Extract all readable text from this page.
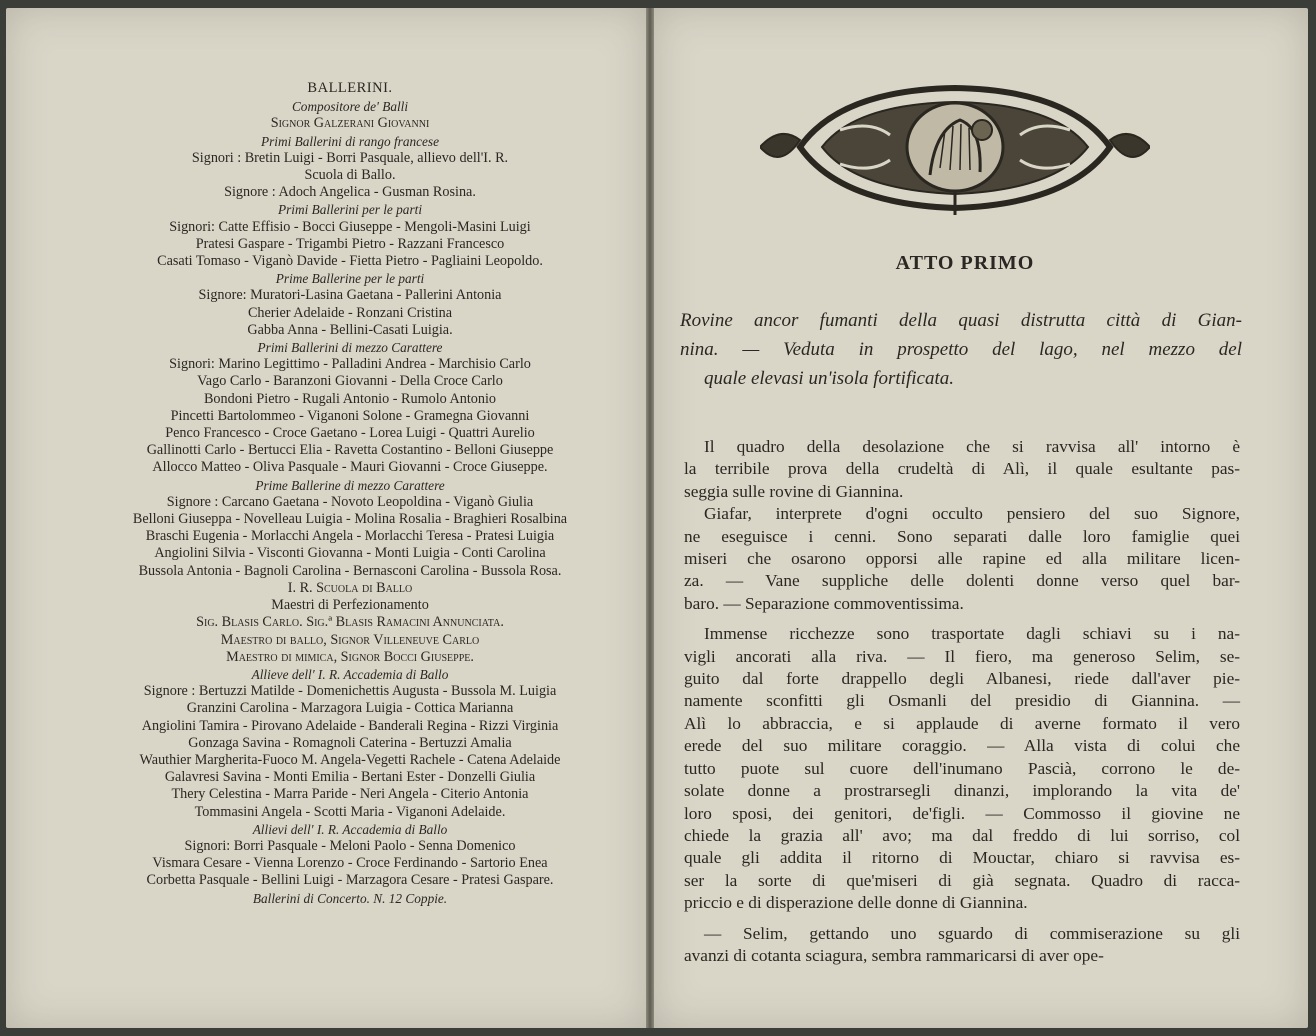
BALLERINI.
Compositore de' Balli
Signor Galzerani Giovanni
Primi Ballerini di rango francese
Signori : Bretin Luigi - Borri Pasquale, allievo dell'I. R.
Scuola di Ballo.
Signore : Adoch Angelica - Gusman Rosina.
Primi Ballerini per le parti
Signori: Catte Effisio - Bocci Giuseppe - Mengoli-Masini Luigi
Pratesi Gaspare - Trigambi Pietro - Razzani Francesco
Casati Tomaso - Viganò Davide - Fietta Pietro - Pagliaini Leopoldo.
Prime Ballerine per le parti
Signore: Muratori-Lasina Gaetana - Pallerini Antonia
Cherier Adelaide - Ronzani Cristina
Gabba Anna - Bellini-Casati Luigia.
Primi Ballerini di mezzo Carattere
Signori: Marino Legittimo - Palladini Andrea - Marchisio Carlo
Vago Carlo - Baranzoni Giovanni - Della Croce Carlo
Bondoni Pietro - Rugali Antonio - Rumolo Antonio
Pincetti Bartolommeo - Viganoni Solone - Gramegna Giovanni
Penco Francesco - Croce Gaetano - Lorea Luigi - Quattri Aurelio
Gallinotti Carlo - Bertucci Elia - Ravetta Costantino - Belloni Giuseppe
Allocco Matteo - Oliva Pasquale - Mauri Giovanni - Croce Giuseppe.
Prime Ballerine di mezzo Carattere
Signore : Carcano Gaetana - Novoto Leopoldina - Viganò Giulia
Belloni Giuseppa - Novelleau Luigia - Molina Rosalia - Braghieri Rosalbina
Braschi Eugenia - Morlacchi Angela - Morlacchi Teresa - Pratesi Luigia
Angiolini Silvia - Visconti Giovanna - Monti Luigia - Conti Carolina
Bussola Antonia - Bagnoli Carolina - Bernasconi Carolina - Bussola Rosa.
I. R. Scuola di Ballo
Maestri di Perfezionamento
Sig. Blasis Carlo. Sig.ª Blasis Ramacini Annunciata.
Maestro di ballo, Signor Villeneuve Carlo
Maestro di mimica, Signor Bocci Giuseppe.
Allieve dell' I. R. Accademia di Ballo
Signore : Bertuzzi Matilde - Domenichettis Augusta - Bussola M. Luigia
Granzini Carolina - Marzagora Luigia - Cottica Marianna
Angiolini Tamira - Pirovano Adelaide - Banderali Regina - Rizzi Virginia
Gonzaga Savina - Romagnoli Caterina - Bertuzzi Amalia
Wauthier Margherita-Fuoco M. Angela-Vegetti Rachele - Catena Adelaide
Galavresi Savina - Monti Emilia - Bertani Ester - Donzelli Giulia
Thery Celestina - Marra Paride - Neri Angela - Citerio Antonia
Tommasini Angela - Scotti Maria - Viganoni Adelaide.
Allievi dell' I. R. Accademia di Ballo
Signori: Borri Pasquale - Meloni Paolo - Senna Domenico
Vismara Cesare - Vienna Lorenzo - Croce Ferdinando - Sartorio Enea
Corbetta Pasquale - Bellini Luigi - Marzagora Cesare - Pratesi Gaspare.
Ballerini di Concerto. N. 12 Coppie.
ATTO PRIMO
Rovine ancor fumanti della quasi distrutta città di Gian-
nina. — Veduta in prospetto del lago, nel mezzo del
quale elevasi un'isola fortificata.

Il quadro della desolazione che si ravvisa all' intorno è
la terribile prova della crudeltà di Alì, il quale esultante pas-
seggia sulle rovine di Giannina.
Giafar, interprete d'ogni occulto pensiero del suo Signore,
ne eseguisce i cenni. Sono separati dalle loro famiglie quei
miseri che osarono opporsi alle rapine ed alla militare licen-
za. — Vane suppliche delle dolenti donne verso quel bar-
baro. — Separazione commoventissima.

Immense ricchezze sono trasportate dagli schiavi su i na-
vigli ancorati alla riva. — Il fiero, ma generoso Selim, se-
guito dal forte drappello degli Albanesi, riede dall'aver pie-
namente sconfitti gli Osmanli del presidio di Giannina. —
Alì lo abbraccia, e si applaude di averne formato il vero
erede del suo militare coraggio. — Alla vista di colui che
tutto puote sul cuore dell'inumano Pascià, corrono le de-
solate donne a prostrarsegli dinanzi, implorando la vita de'
loro sposi, dei genitori, de'figli. — Commosso il giovine ne
chiede la grazia all' avo; ma dal freddo di lui sorriso, col
quale gli addita il ritorno di Mouctar, chiaro si ravvisa es-
ser la sorte di que'miseri di già segnata. Quadro di racca-
priccio e di disperazione delle donne di Giannina.

— Selim, gettando uno sguardo di commiserazione su gli
avanzi di cotanta sciagura, sembra rammaricarsi di aver ope-
